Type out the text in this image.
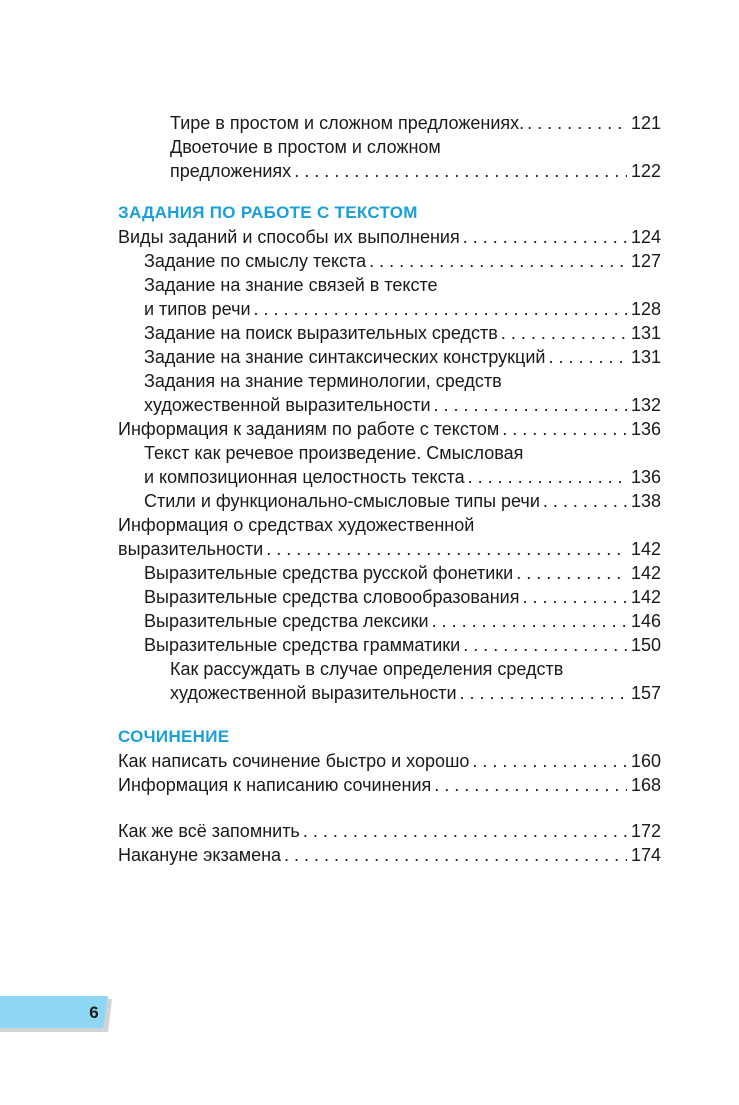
Тире в простом и сложном предложениях. . . .	121
Двоеточие в простом и сложном
предложениях . . .	122
ЗАДАНИЯ ПО РАБОТЕ С ТЕКСТОМ
Виды заданий и способы их выполнения . . .	124
Задание по смыслу текста . . .	127
Задание на знание связей в тексте
и типов речи . . .	128
Задание на поиск выразительных средств . . .	131
Задание на знание синтаксических конструкций . . .	131
Задания на знание терминологии, средств
художественной выразительности . . .	132
Информация к заданиям по работе с текстом . . .	136
Текст как речевое произведение. Смысловая
и композиционная целостность текста . . .	136
Стили и функционально-смысловые типы речи . . .	138
Информация о средствах художественной
выразительности . . .	142
Выразительные средства русской фонетики . . .	142
Выразительные средства словообразования . . .	142
Выразительные средства лексики . . .	146
Выразительные средства грамматики . . .	150
Как рассуждать в случае определения средств
художественной выразительности . . .	157
СОЧИНЕНИЕ
Как написать сочинение быстро и хорошо . . .	160
Информация к написанию сочинения . . .	168
Как же всё запомнить . . .	172
Накануне экзамена . . .	174
6
